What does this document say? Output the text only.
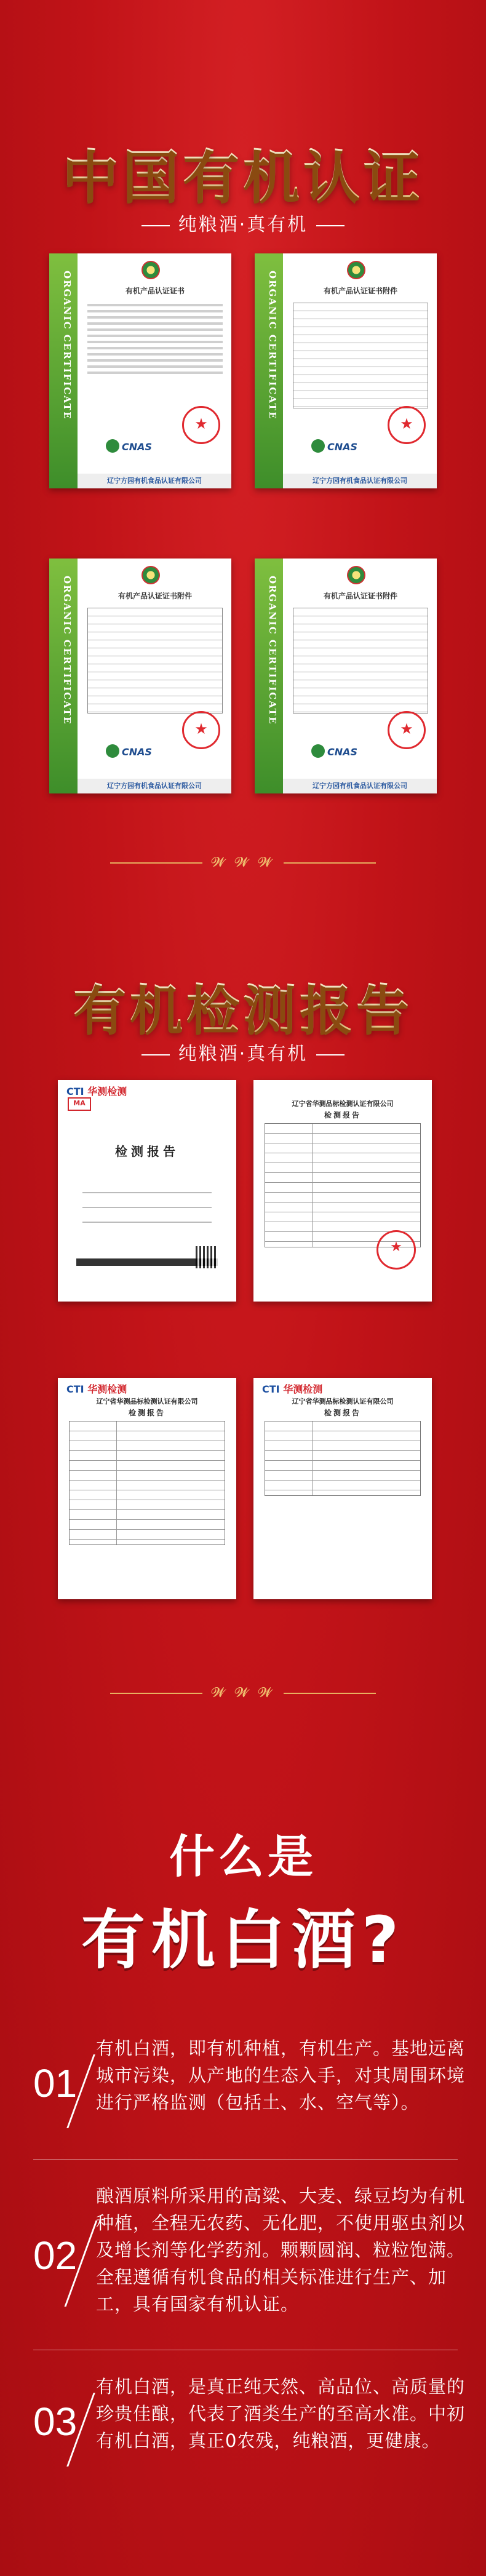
中国有机认证
纯粮酒·真有机
ORGANIC CERTIFICATE	有机产品认证证书
★
CNAS
辽宁方园有机食品认证有限公司
ORGANIC CERTIFICATE	有机产品认证证书附件
★
CNAS
辽宁方园有机食品认证有限公司
ORGANIC CERTIFICATE	有机产品认证证书附件
★
CNAS
辽宁方园有机食品认证有限公司
ORGANIC CERTIFICATE	有机产品认证证书附件
★
CNAS
辽宁方园有机食品认证有限公司
𝓦 𝓦 𝓦
有机检测报告
纯粮酒·真有机
CTI 华测检测
MA
检测报告
辽宁省华测品标检测认证有限公司
检测报告
★
CTI 华测检测
辽宁省华测品标检测认证有限公司
检测报告
CTI 华测检测
辽宁省华测品标检测认证有限公司
检测报告
𝓦 𝓦 𝓦
什么是
有机白酒?
01
有机白酒，即有机种植，有机生产。基地远离城市污染，从产地的生态入手，对其周围环境进行严格监测（包括土、水、空气等）。
02
酿酒原料所采用的高粱、大麦、绿豆均为有机种植，全程无农药、无化肥，不使用驱虫剂以及增长剂等化学药剂。颗颗圆润、粒粒饱满。全程遵循有机食品的相关标准进行生产、加工，具有国家有机认证。
03
有机白酒，是真正纯天然、高品位、高质量的珍贵佳酿，代表了酒类生产的至高水准。中初有机白酒，真正0农残，纯粮酒，更健康。
